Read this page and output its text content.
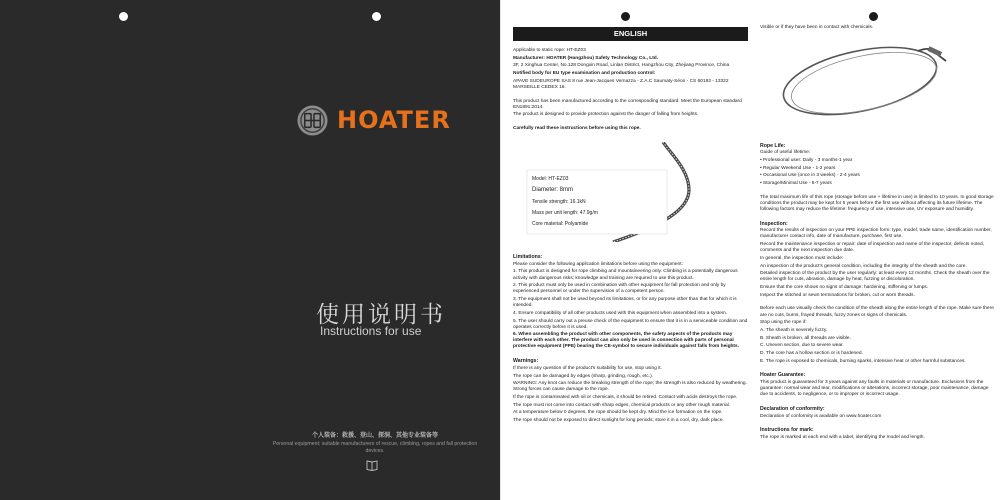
HOATER
使用说明书
Instructions for use
个人装备：救援、登山、探洞、其他专业装备等
Personal equipment: suitable manufacturers of rescue, climbing, ropes and fall protection devices.
ENGLISH

Applicable to static rope: HT-EZ03

Manufacturer: HOATER (Hangzhou) Safety Technology Co., Ltd.

3F, 2 Xinghua Center, No.128 Dongxin Road, Linlan District, Hangzhou City, Zhejiang Province, China

Notified body for EU type examination and production control:

APAVE SUDEUROPE SAS 8 rue Jean-Jacques Vernazza - Z.A.C Saumaty-Séon - CS 60193 - 13322 MARSEILLE CEDEX 16.

This product has been manufactured according to the corresponding standard. Meet the European standard EN1891:2014.

The product is designed to provide protection against the danger of falling from heights.

Carefully read these instructions before using this rope.

Model: HT-EZ03
Diameter: 8mm
Tensile strength: 16.1kN
Mass per unit length: 47.9g/m
Core material: Polyamide

Limitations:

Please consider the following application limitations before using the equipment:

1. This product is designed for rope climbing and mountaineering only. Climbing is a potentially dangerous activity with dangerous risks; knowledge and training are required to use this product.

2. This product must only be used in combination with other equipment for fall protection and only by experienced personnel or under the supervision of a competent person.

3. The equipment shall not be used beyond its limitations, or for any purpose other than that for which it is intended.

4. Ensure compatibility of all other products used with this equipment when assembled into a system.

5. The user should carry out a preuse check of the equipment to ensure that it is in a serviceable condition and operates correctly before it is used.

6. When assembling the product with other components, the safety aspects of the products may interfere with each other. The product can also only be used in connection with parts of personal protective equipment (PPE) bearing the CE-symbol to secure individuals against falls from heights.

Warnings:

If there is any question of the product's suitability for use, stop using it.

The rope can be damaged by edges (sharp, grinding, rough, etc.).

WARNING: Any knot can reduce the breaking strength of the rope; the strength is also reduced by weathering. Strong forces can cause damage to the rope.

If the rope is contaminated with oil or chemicals, it should be retired. Contact with acids destroys the rope.

The rope must not come into contact with sharp edges, chemical products or any other rough material.

At a temperature below 0 degrees, the rope should be kept dry. Mind the ice formation on the rope.

The rope should not be exposed to direct sunlight for long periods; store it in a cool, dry, dark place.

Visible or if they have been in contact with chemicals.

Rope Life:

Guide of useful lifetime:

• Professional user: Daily - 3 months-1 year

• Regular Weekend Use - 1-2 years

• Occasional Use (once in 3 weeks) - 2-4 years

• Storage/Minimal Use - 5-7 years

The total maximum life of this rope (storage before use + lifetime in use) is limited to 10 years. In good storage conditions the product may be kept for 5 years before the first use without affecting its future lifetime. The following factors may reduce the lifetime: frequency of use, intensive use, UV exposure and humidity.

Inspection:

Record the results of inspection on your PPE inspection form: type, model, trade name, identification number, manufacturer contact info, date of manufacture, purchase, first use.

Record the maintenance inspection or repair: date of inspection and name of the inspector, defects noted, comments and the next inspection due date.

In general, the inspection must include:

An inspection of the product's general condition, including the integrity of the sheath and the core.

Detailed inspection of the product by the user regularly: at least every 12 months. Check the sheath over the entire length for cuts, abrasion, damage by heat, fuzzing or discoloration.

Ensure that the core shows no signs of damage: hardening, stiffening or lumps.

Inspect the stitched or sewn terminations for broken, cut or worn threads.

Before each use visually check the condition of the sheath along the entire length of the rope. Make sure there are no cuts, burns, frayed threads, fuzzy zones or signs of chemicals.

Stop using the rope if:

A. The sheath is severely fuzzy.

B. Sheath is broken, all threads are visible.

C. Uneven section, due to severe wear.

D. The core has a hollow section or is hardened.

E. The rope is exposed to chemicals, burning sparks, intensive heat or other harmful substances.

Hoater Guarantee:

This product is guaranteed for 3 years against any faults in materials or manufacture. Exclusions from the guarantee: normal wear and tear, modifications or alterations, incorrect storage, poor maintenance, damage due to accidents, to negligence, or to improper or incorrect usage.

Declaration of conformity:

Declaration of conformity is available on www.hoater.com

Instructions for mark:

The rope is marked at each end with a label, identifying the model and length.
